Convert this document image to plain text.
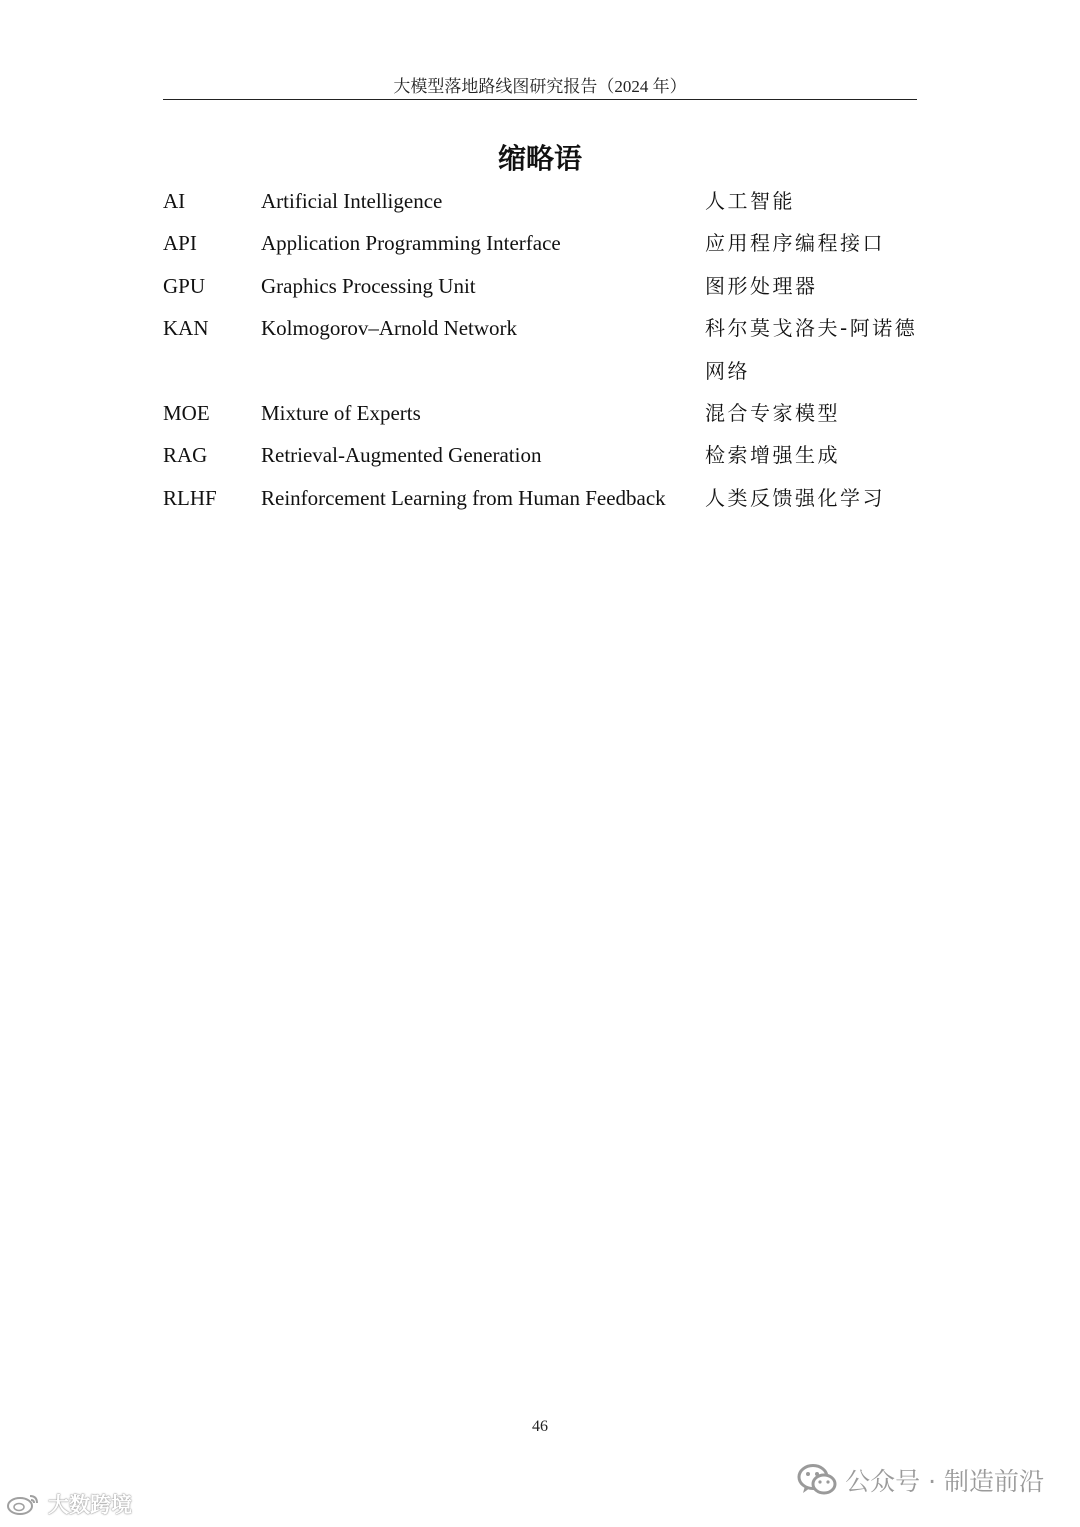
大模型落地路线图研究报告（2024 年）
缩略语
AI	Artificial Intelligence	人工智能
API	Application Programming Interface	应用程序编程接口
GPU	Graphics Processing Unit	图形处理器
KAN	Kolmogorov–Arnold Network	科尔莫戈洛夫-阿诺德网络
MOE Mixture of Experts	混合专家模型
RAG	Retrieval-Augmented Generation	检索增强生成
RLHF Reinforcement Learning from Human Feedback 人类反馈强化学习
46
公众号 · 制造前沿
大数跨境
